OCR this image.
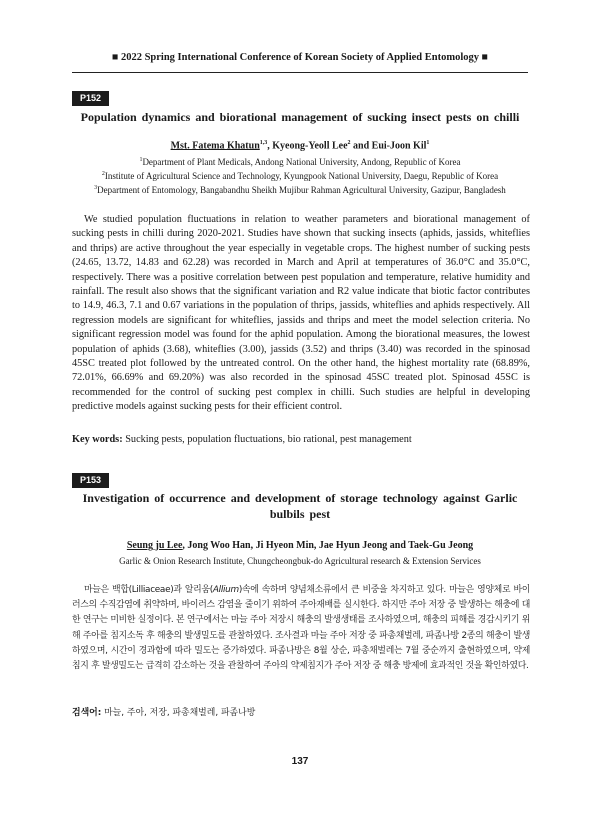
■ 2022 Spring International Conference of Korean Society of Applied Entomology ■
P152
Population dynamics and biorational management of sucking insect pests on chilli
Mst. Fatema Khatun$^{1,3}$, Kyeong-Yeoll Lee$^2$ and Eui-Joon Kil$^1$
$^1$Department of Plant Medicals, Andong National University, Andong, Republic of Korea
$^2$Institute of Agricultural Science and Technology, Kyungpook National University, Daegu, Republic of Korea
$^3$Department of Entomology, Bangabandhu Sheikh Mujibur Rahman Agricultural University, Gazipur, Bangladesh
We studied population fluctuations in relation to weather parameters and biorational management of sucking pests in chilli during 2020-2021. Studies have shown that sucking insects (aphids, jassids, whiteflies and thrips) are active throughout the year especially in vegetable crops. The highest number of sucking pests (24.65, 13.72, 14.83 and 62.28) was recorded in March and April at temperatures of 36.0°C and 35.0°C, respectively. There was a positive correlation between pest population and temperature, relative humidity and rainfall. The result also shows that the significant variation and R2 value indicate that biotic factor contributes to 14.9, 46.3, 7.1 and 0.67 variations in the population of thrips, jassids, whiteflies and aphids respectively. All regression models are significant for whiteflies, jassids and thrips and meet the model selection criteria. No significant regression model was found for the aphid population. Among the biorational measures, the lowest population of aphids (3.68), whiteflies (3.00), jassids (3.52) and thrips (3.40) was recorded in the spinosad 45SC treated plot followed by the untreated control. On the other hand, the highest mortality rate (68.89%, 72.01%, 66.69% and 69.20%) was also recorded in the spinosad 45SC treated plot. Spinosad 45SC is recommended for the control of sucking pest complex in chilli. Such studies are helpful in developing predictive models against sucking pests for their efficient control.
Key words: Sucking pests, population fluctuations, bio rational, pest management
P153
Investigation of occurrence and development of storage technology against Garlic
bulbils pest
Seung ju Lee, Jong Woo Han, Ji Hyeon Min, Jae Hyun Jeong and Taek-Gu Jeong
Garlic & Onion Research Institute, Chungcheongbuk-do Agricultural research & Extension Services
마늘은 백합(Lilliaceae)과 알리움(Allium)속에 속하며 양념채소류에서 큰 비중을 차지하고 있다. 마늘은 영양체로 바이러스의 수직감염에 취약하며, 바이러스 감염을 줄이기 위하여 주아재배를 실시한다. 하지만 주아 저장 중 발생하는 해충에 대한 연구는 미비한 실정이다. 본 연구에서는 마늘 주아 저장시 해충의 발생생태를 조사하였으며, 해충의 피해를 경감시키기 위해 주아를 침지소독 후 해충의 발생밀도를 관찰하였다. 조사결과 마늘 주아 저장 중 파총채벌레, 파좀나방 2종의 해충이 발생하였으며, 시간이 경과함에 따라 밀도는 증가하였다. 파좀나방은 8월 상순, 파총채벌레는 7월 중순까지 출현하였으며, 약제 침지 후 발생밀도는 급격히 감소하는 것을 관찰하여 주아의 약제침지가 주아 저장 중 해충 방제에 효과적인 것을 확인하였다.
검색어: 마늘, 주아, 저장, 파총채벌레, 파좀나방
137
